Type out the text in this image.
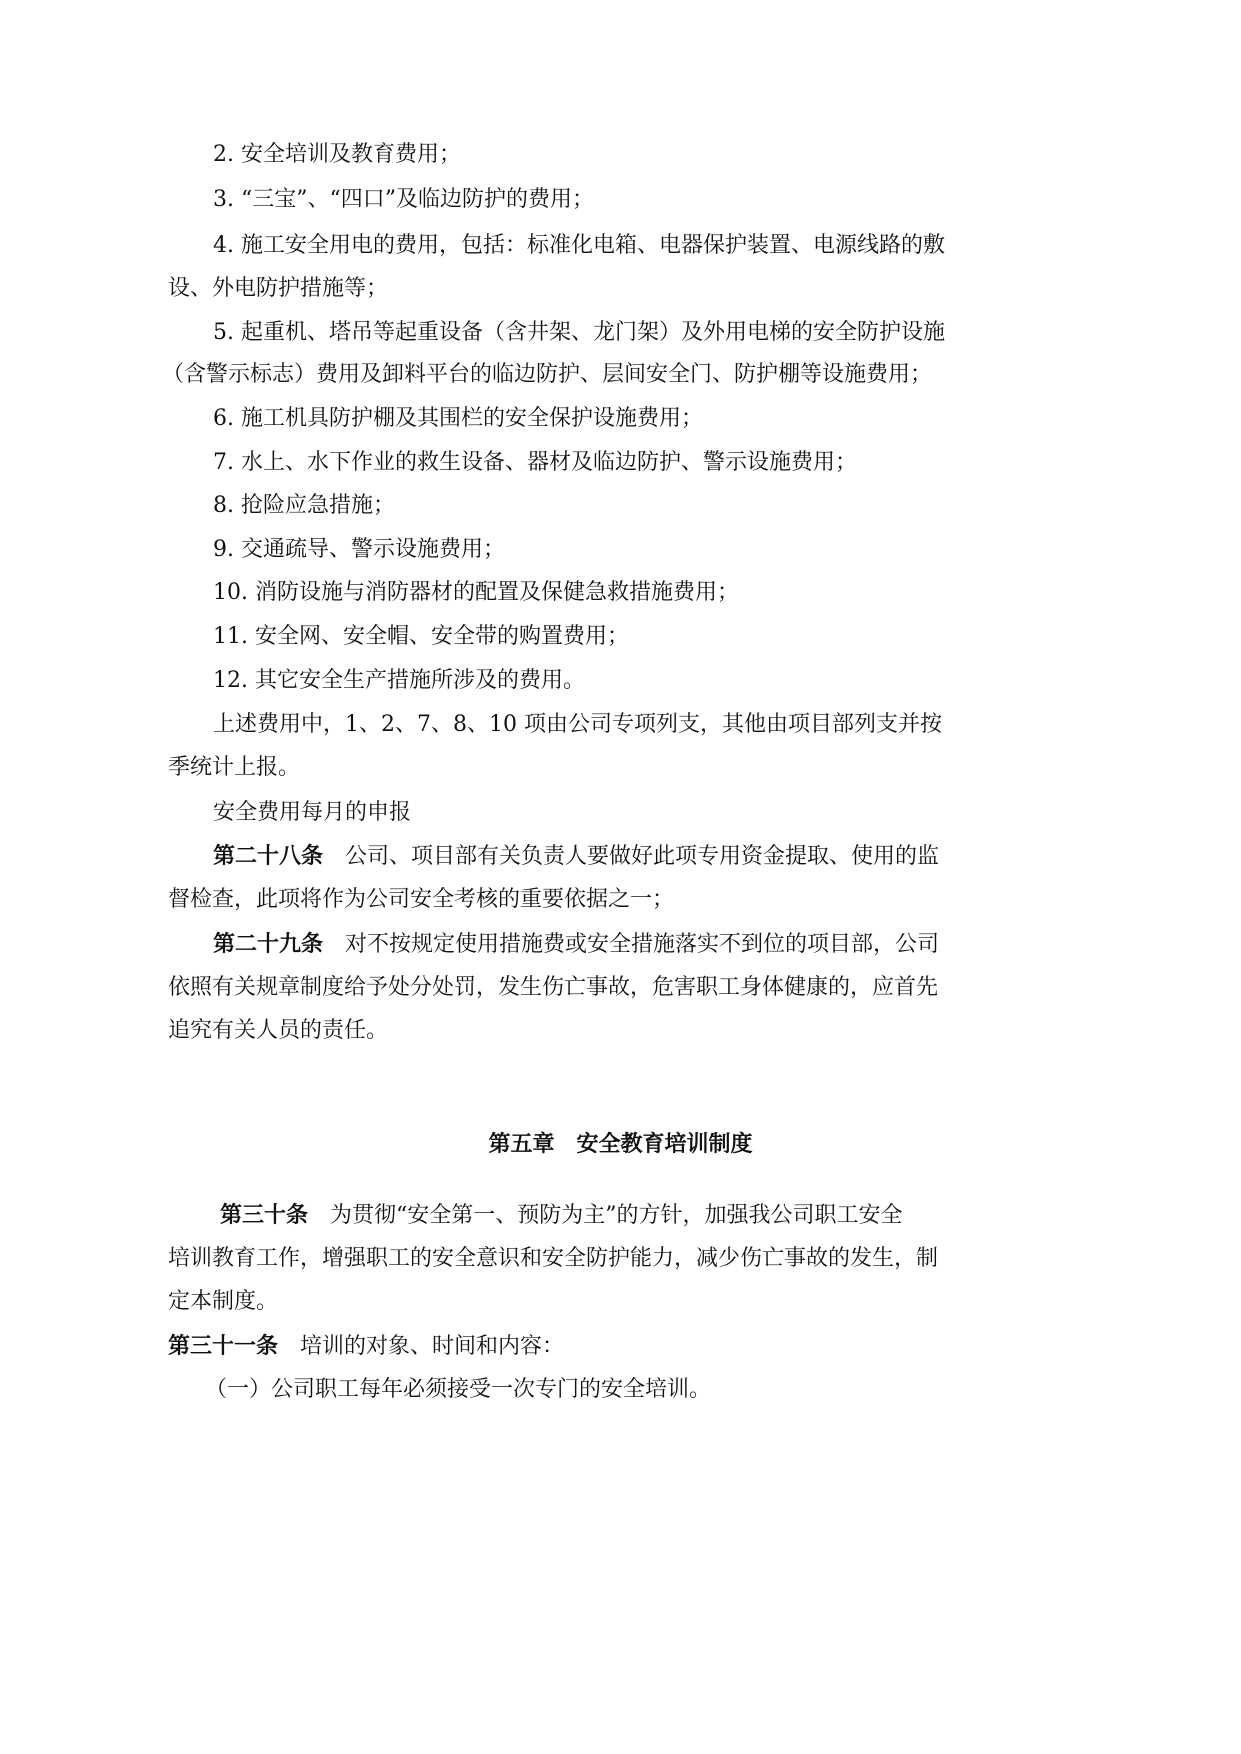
2. 安全培训及教育费用；
3. “三宝”、“四口”及临边防护的费用；
4. 施工安全用电的费用，包括：标准化电箱、电器保护装置、电源线路的敷
设、外电防护措施等；
5. 起重机、塔吊等起重设备（含井架、龙门架）及外用电梯的安全防护设施
（含警示标志）费用及卸料平台的临边防护、层间安全门、防护棚等设施费用；
6. 施工机具防护棚及其围栏的安全保护设施费用；
7. 水上、水下作业的救生设备、器材及临边防护、警示设施费用；
8. 抢险应急措施；
9. 交通疏导、警示设施费用；
10. 消防设施与消防器材的配置及保健急救措施费用；
11. 安全网、安全帽、安全带的购置费用；
12. 其它安全生产措施所涉及的费用。
上述费用中，1、2、7、8、10 项由公司专项列支，其他由项目部列支并按
季统计上报。
安全费用每月的申报
第二十八条　公司、项目部有关负责人要做好此项专用资金提取、使用的监
督检查，此项将作为公司安全考核的重要依据之一；
第二十九条　对不按规定使用措施费或安全措施落实不到位的项目部，公司
依照有关规章制度给予处分处罚，发生伤亡事故，危害职工身体健康的，应首先
追究有关人员的责任。
第五章　安全教育培训制度
第三十条　为贯彻“安全第一、预防为主”的方针，加强我公司职工安全
培训教育工作，增强职工的安全意识和安全防护能力，减少伤亡事故的发生，制
定本制度。
第三十一条　培训的对象、时间和内容：
（一）公司职工每年必须接受一次专门的安全培训。
